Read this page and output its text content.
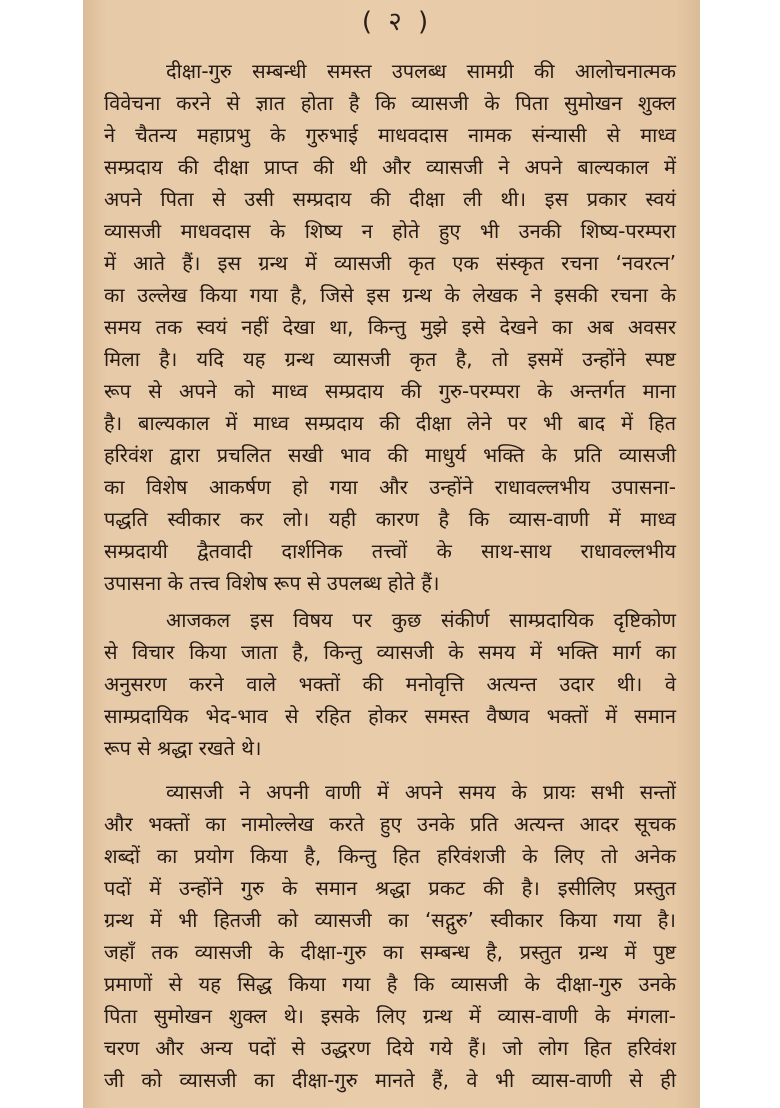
( २ )
दीक्षा-गुरु सम्बन्धी समस्त उपलब्ध सामग्री की आलोचनात्मक
विवेचना करने से ज्ञात होता है कि व्यासजी के पिता सुमोखन शुक्ल
ने चैतन्य महाप्रभु के गुरुभाई माधवदास नामक संन्यासी से माध्व
सम्प्रदाय की दीक्षा प्राप्त की थी और व्यासजी ने अपने बाल्यकाल में
अपने पिता से उसी सम्प्रदाय की दीक्षा ली थी। इस प्रकार स्वयं
व्यासजी माधवदास के शिष्य न होते हुए भी उनकी शिष्य-परम्परा
में आते हैं। इस ग्रन्थ में व्यासजी कृत एक संस्कृत रचना ‘नवरत्न’
का उल्लेख किया गया है, जिसे इस ग्रन्थ के लेखक ने इसकी रचना के
समय तक स्वयं नहीं देखा था, किन्तु मुझे इसे देखने का अब अवसर
मिला है। यदि यह ग्रन्थ व्यासजी कृत है, तो इसमें उन्होंने स्पष्ट
रूप से अपने को माध्व सम्प्रदाय की गुरु-परम्परा के अन्तर्गत माना
है। बाल्यकाल में माध्व सम्प्रदाय की दीक्षा लेने पर भी बाद में हित
हरिवंश द्वारा प्रचलित सखी भाव की माधुर्य भक्ति के प्रति व्यासजी
का विशेष आकर्षण हो गया और उन्होंने राधावल्लभीय उपासना-
पद्धति स्वीकार कर लो। यही कारण है कि व्यास-वाणी में माध्व
सम्प्रदायी द्वैतवादी दार्शनिक तत्त्वों के साथ-साथ राधावल्लभीय
उपासना के तत्त्व विशेष रूप से उपलब्ध होते हैं।
आजकल इस विषय पर कुछ संकीर्ण साम्प्रदायिक दृष्टिकोण
से विचार किया जाता है, किन्तु व्यासजी के समय में भक्ति मार्ग का
अनुसरण करने वाले भक्तों की मनोवृत्ति अत्यन्त उदार थी। वे
साम्प्रदायिक भेद-भाव से रहित होकर समस्त वैष्णव भक्तों में समान
रूप से श्रद्धा रखते थे।
व्यासजी ने अपनी वाणी में अपने समय के प्रायः सभी सन्तों
और भक्तों का नामोल्लेख करते हुए उनके प्रति अत्यन्त आदर सूचक
शब्दों का प्रयोग किया है, किन्तु हित हरिवंशजी के लिए तो अनेक
पदों में उन्होंने गुरु के समान श्रद्धा प्रकट की है। इसीलिए प्रस्तुत
ग्रन्थ में भी हितजी को व्यासजी का ‘सद्गुरु’ स्वीकार किया गया है।
जहाँ तक व्यासजी के दीक्षा-गुरु का सम्बन्ध है, प्रस्तुत ग्रन्थ में पुष्ट
प्रमाणों से यह सिद्ध किया गया है कि व्यासजी के दीक्षा-गुरु उनके
पिता सुमोखन शुक्ल थे। इसके लिए ग्रन्थ में व्यास-वाणी के मंगला-
चरण और अन्य पदों से उद्धरण दिये गये हैं। जो लोग हित हरिवंश
जी को व्यासजी का दीक्षा-गुरु मानते हैं, वे भी व्यास-वाणी से ही
